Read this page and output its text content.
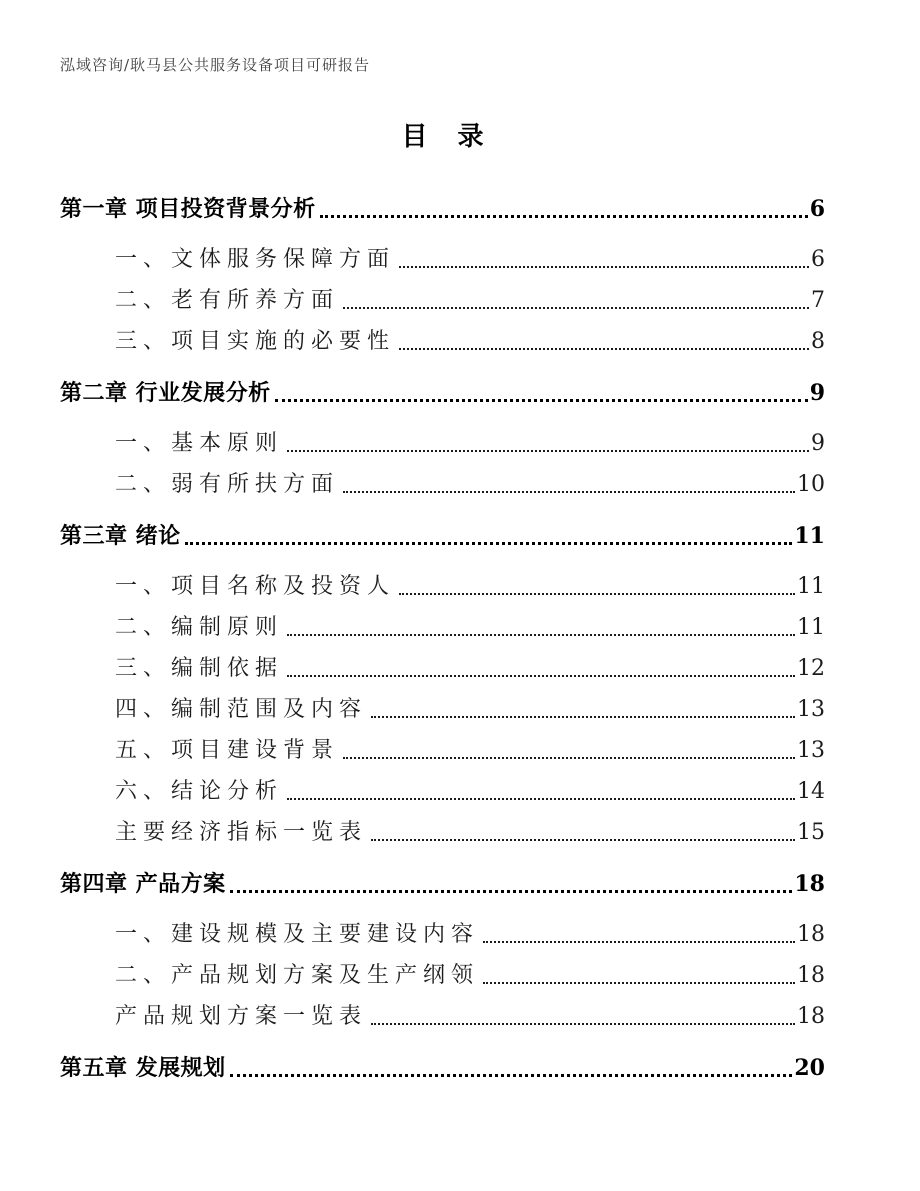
泓域咨询/耿马县公共服务设备项目可研报告
目录
第一章 项目投资背景分析	6
一、文体服务保障方面	6
二、老有所养方面	7
三、项目实施的必要性	8
第二章 行业发展分析	9
一、基本原则	9
二、弱有所扶方面	10
第三章 绪论	11
一、项目名称及投资人	11
二、编制原则	11
三、编制依据	12
四、编制范围及内容	13
五、项目建设背景	13
六、结论分析	14
主要经济指标一览表	15
第四章 产品方案	18
一、建设规模及主要建设内容	18
二、产品规划方案及生产纲领	18
产品规划方案一览表	18
第五章 发展规划	20
